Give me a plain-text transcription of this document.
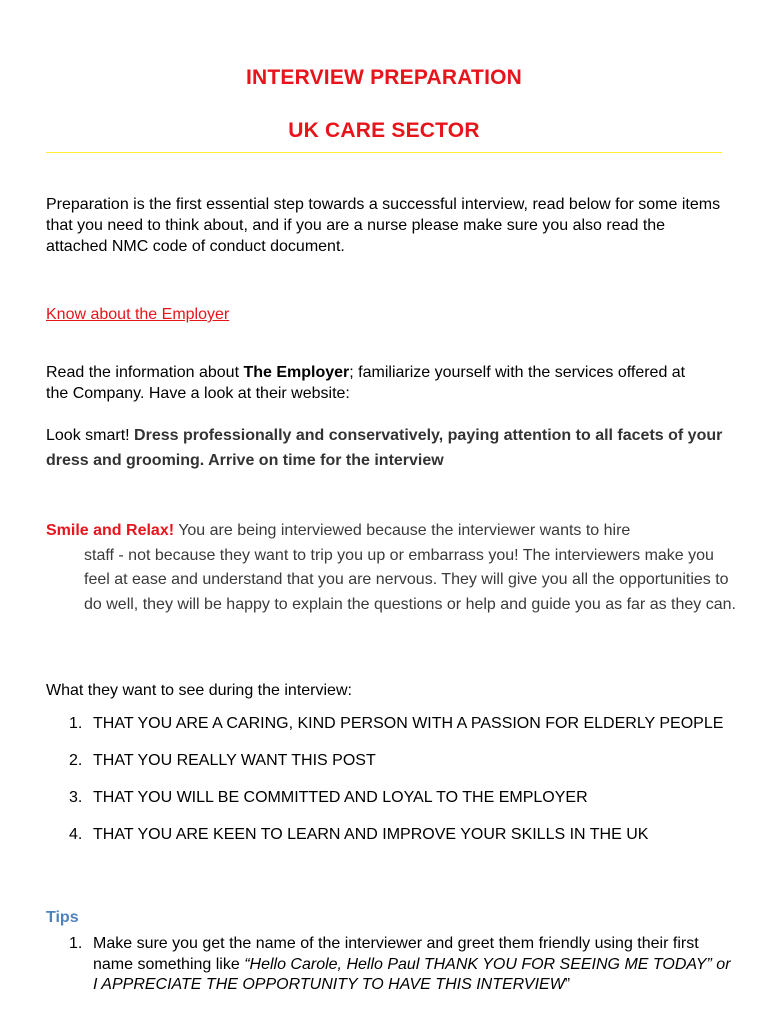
INTERVIEW PREPARATION
UK CARE SECTOR
Preparation is the first essential step towards a successful interview, read below for some items that you need to think about, and if you are a nurse please make sure you also read the attached NMC code of conduct document.
Know about the Employer
Read the information about The Employer; familiarize yourself with the services offered at the Company. Have a look at their website:
Look smart! Dress professionally and conservatively, paying attention to all facets of your dress and grooming. Arrive on time for the interview
Smile and Relax! You are being interviewed because the interviewer wants to hire
staff - not because they want to trip you up or embarrass you! The interviewers make you feel at ease and understand that you are nervous. They will give you all the opportunities to do well, they will be happy to explain the questions or help and guide you as far as they can.
What they want to see during the interview:
1. THAT YOU ARE A CARING, KIND PERSON WITH A PASSION FOR ELDERLY PEOPLE
2. THAT YOU REALLY WANT THIS POST
3. THAT YOU WILL BE COMMITTED AND LOYAL TO THE EMPLOYER
4. THAT YOU ARE KEEN TO LEARN AND IMPROVE YOUR SKILLS IN THE UK
Tips
1. Make sure you get the name of the interviewer and greet them friendly using their first name something like “Hello Carole, Hello Paul THANK YOU FOR SEEING ME TODAY” or I APPRECIATE THE OPPORTUNITY TO HAVE THIS INTERVIEW”
